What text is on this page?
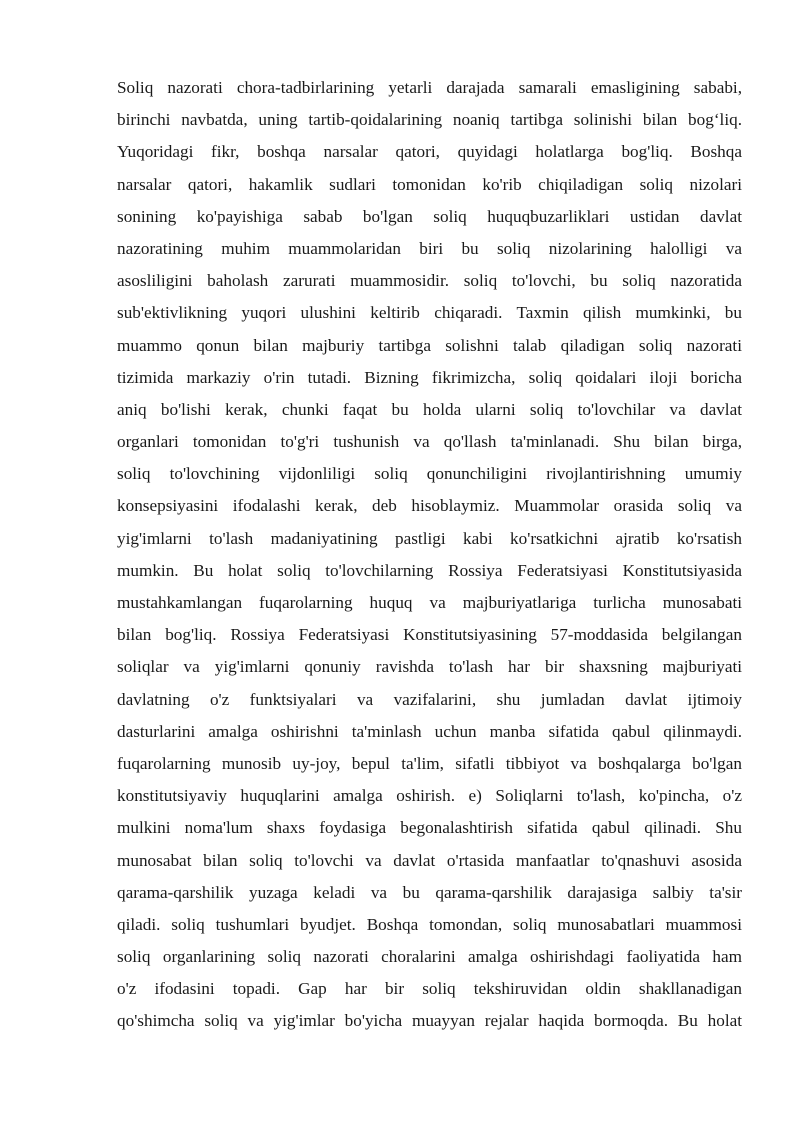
Soliq nazorati chora-tadbirlarining yetarli darajada samarali emasligining sababi,
birinchi navbatda, uning tartib-qoidalarining noaniq tartibga solinishi bilan bog‘liq.
Yuqoridagi fikr, boshqa narsalar qatori, quyidagi holatlarga bog'liq. Boshqa
narsalar qatori, hakamlik sudlari tomonidan ko'rib chiqiladigan soliq nizolari
sonining ko'payishiga sabab bo'lgan soliq huquqbuzarliklari ustidan davlat
nazoratining muhim muammolaridan biri bu soliq nizolarining halolligi va
asosliligini baholash zarurati muammosidir. soliq to'lovchi, bu soliq nazoratida
sub'ektivlikning yuqori ulushini keltirib chiqaradi. Taxmin qilish mumkinki, bu
muammo qonun bilan majburiy tartibga solishni talab qiladigan soliq nazorati
tizimida markaziy o'rin tutadi. Bizning fikrimizcha, soliq qoidalari iloji boricha
aniq bo'lishi kerak, chunki faqat bu holda ularni soliq to'lovchilar va davlat
organlari tomonidan to'g'ri tushunish va qo'llash ta'minlanadi. Shu bilan birga,
soliq to'lovchining vijdonliligi soliq qonunchiligini rivojlantirishning umumiy
konsepsiyasini ifodalashi kerak, deb hisoblaymiz. Muammolar orasida soliq va
yig'imlarni to'lash madaniyatining pastligi kabi ko'rsatkichni ajratib ko'rsatish
mumkin. Bu holat soliq to'lovchilarning Rossiya Federatsiyasi Konstitutsiyasida
mustahkamlangan fuqarolarning huquq va majburiyatlariga turlicha munosabati
bilan bog'liq. Rossiya Federatsiyasi Konstitutsiyasining 57-moddasida belgilangan
soliqlar va yig'imlarni qonuniy ravishda to'lash har bir shaxsning majburiyati
davlatning o'z funktsiyalari va vazifalarini, shu jumladan davlat ijtimoiy
dasturlarini amalga oshirishni ta'minlash uchun manba sifatida qabul qilinmaydi.
fuqarolarning munosib uy-joy, bepul ta'lim, sifatli tibbiyot va boshqalarga bo'lgan
konstitutsiyaviy huquqlarini amalga oshirish. e) Soliqlarni to'lash, ko'pincha, o'z
mulkini noma'lum shaxs foydasiga begonalashtirish sifatida qabul qilinadi. Shu
munosabat bilan soliq to'lovchi va davlat o'rtasida manfaatlar to'qnashuvi asosida
qarama-qarshilik yuzaga keladi va bu qarama-qarshilik darajasiga salbiy ta'sir
qiladi. soliq tushumlari byudjet. Boshqa tomondan, soliq munosabatlari muammosi
soliq organlarining soliq nazorati choralarini amalga oshirishdagi faoliyatida ham
o'z ifodasini topadi. Gap har bir soliq tekshiruvidan oldin shakllanadigan
qo'shimcha soliq va yig'imlar bo'yicha muayyan rejalar haqida bormoqda. Bu holat
